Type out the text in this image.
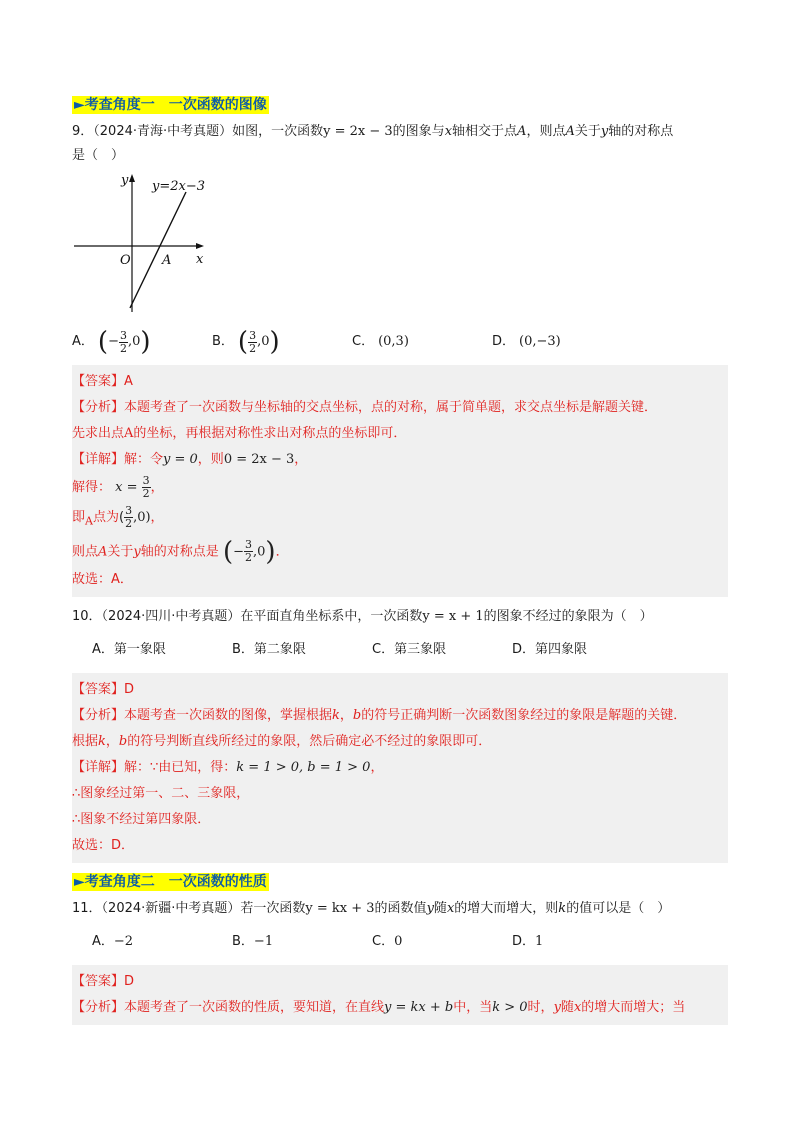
►考查角度一　一次函数的图像
9．（2024·青海·中考真题）如图，一次函数y = 2x − 3的图象与x轴相交于点A，则点A关于y轴的对称点
是（　）
y=2x−3
y
x
O A
A． ( − $\frac{3}{2} ,0$ )	B． ( $\frac{3}{2} ,0$ )	C． (0,3)	D． (0,−3)
【答案】A
【分析】本题考查了一次函数与坐标轴的交点坐标，点的对称，属于简单题，求交点坐标是解题关键．
先求出点A的坐标，再根据对称性求出对称点的坐标即可．
【详解】解：令y = 0，则0 = 2x − 3，
解得： $x = \frac{3}{2}$ ，
即$_A$点为( $\frac{3}{2} ,0$)，
则点A关于y轴的对称点是 (− $\frac{3}{2} ,0$)．
故选：A．
10．（2024·四川·中考真题）在平面直角坐标系中，一次函数y = x + 1的图象不经过的象限为（　）
A．第一象限	B．第二象限	C．第三象限	D．第四象限
【答案】D
【分析】本题考查一次函数的图像，掌握根据k，b的符号正确判断一次函数图象经过的象限是解题的关键．
根据k，b的符号判断直线所经过的象限，然后确定必不经过的象限即可．
【详解】解：∵由已知，得：k = 1 > 0, b = 1 > 0，
∴图象经过第一、二、三象限，
∴图象不经过第四象限．
故选：D．
►考查角度二　一次函数的性质
11．（2024·新疆·中考真题）若一次函数y = kx + 3的函数值y随x的增大而增大，则k的值可以是（　）
A． −2	B． −1	C． 0	D． 1
【答案】D
【分析】本题考查了一次函数的性质，要知道，在直线y = kx + b中，当k > 0时，y随x的增大而增大；当
